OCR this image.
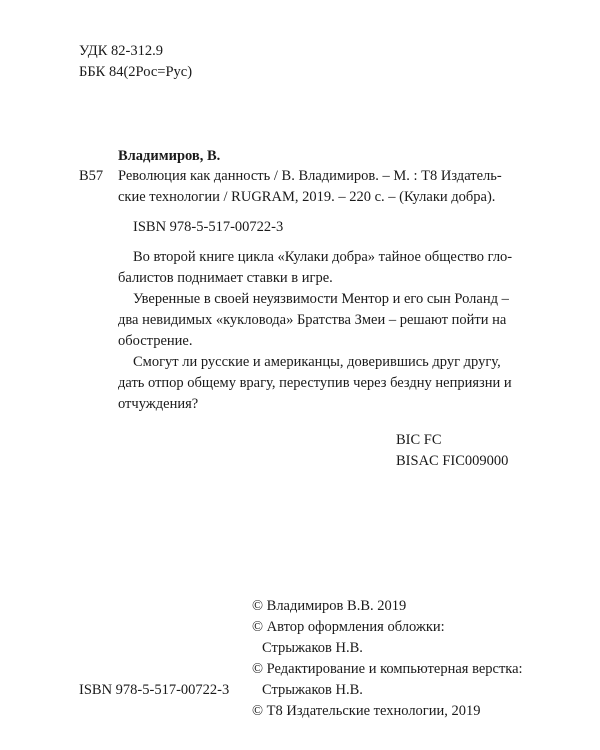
УДК 82-312.9
ББК 84(2Рос=Рус)
Владимиров, В.
В57 Революция как данность / В. Владимиров. – М. : Т8 Издатель-
ские технологии / RUGRAM, 2019. – 220 с. – (Кулаки добра).
ISBN 978-5-517-00722-3
Во второй книге цикла «Кулаки добра» тайное общество гло-
балистов поднимает ставки в игре.
Уверенные в своей неуязвимости Ментор и его сын Роланд –
два невидимых «кукловода» Братства Змеи – решают пойти на
обострение.
Смогут ли русские и американцы, доверившись друг другу,
дать отпор общему врагу, переступив через бездну неприязни и
отчуждения?
BIC FC
BISAC FIC009000
© Владимиров В.В. 2019
© Автор оформления обложки:
Стрыжаков Н.В.
© Редактирование и компьютерная верстка:
Стрыжаков Н.В.
© Т8 Издательские технологии, 2019
ISBN 978-5-517-00722-3
